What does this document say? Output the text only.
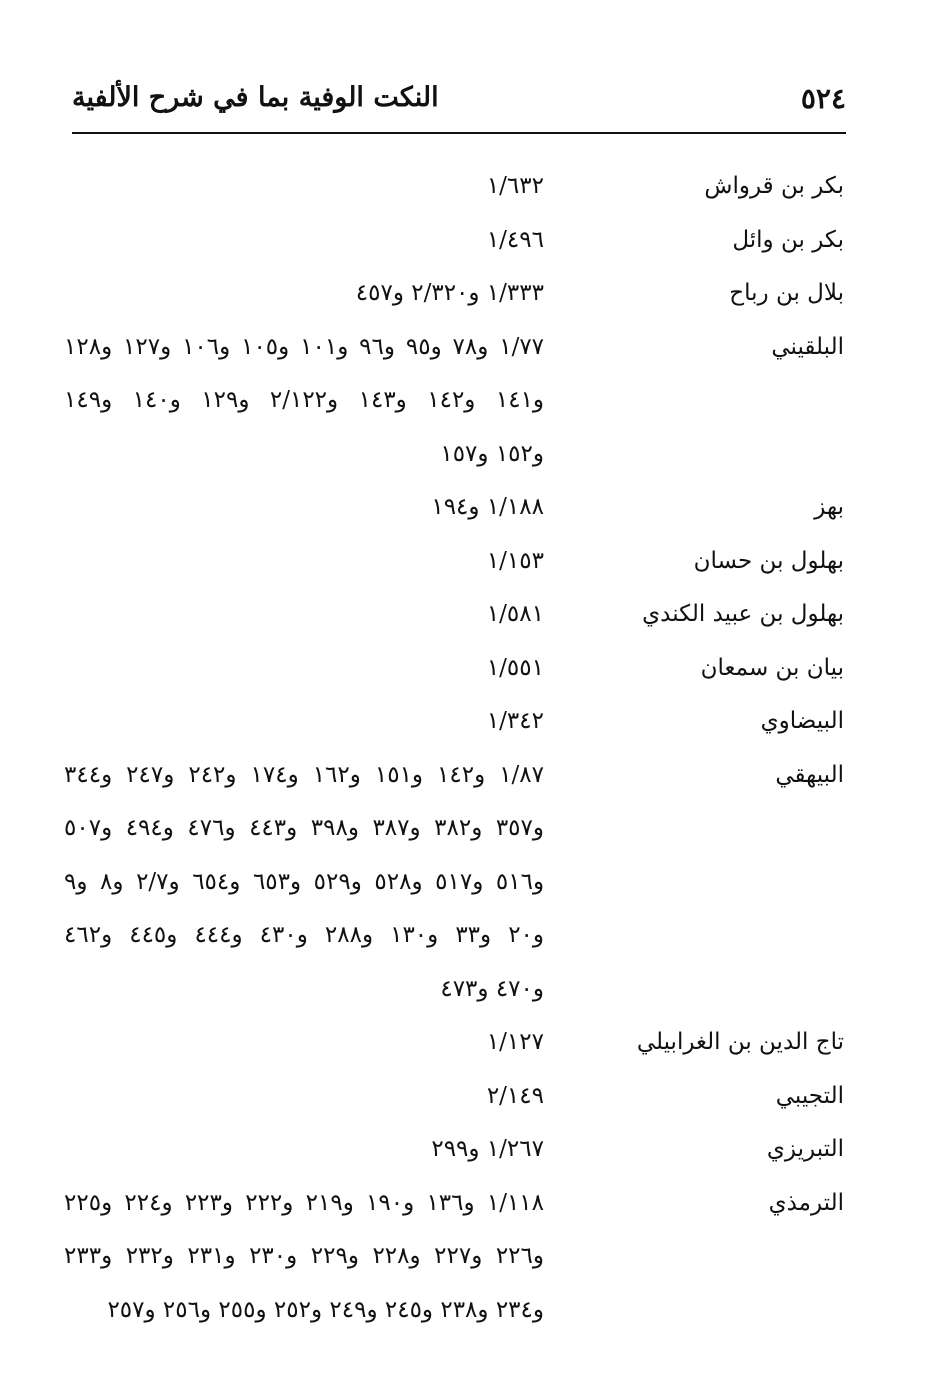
٥٢٤
النكت الوفية بما في شرح الألفية
بكر بن قرواش
١/٦٣٢
بكر بن وائل
١/٤٩٦
بلال بن رباح
١/٣٣٣ و٢/٣٢٠ و٤٥٧
البلقيني
١/٧٧ و٧٨ و٩٥ و٩٦ و١٠١ و١٠٥ و١٠٦ و١٢٧ و١٢٨
و١٤١ و١٤٢ و١٤٣ و٢/١٢٢ و١٢٩ و١٤٠ و١٤٩
و١٥٢ و١٥٧
بهز
١/١٨٨ و١٩٤
بهلول بن حسان
١/١٥٣
بهلول بن عبيد الكندي
١/٥٨١
بيان بن سمعان
١/٥٥١
البيضاوي
١/٣٤٢
البيهقي
١/٨٧ و١٤٢ و١٥١ و١٦٢ و١٧٤ و٢٤٢ و٢٤٧ و٣٤٤
و٣٥٧ و٣٨٢ و٣٨٧ و٣٩٨ و٤٤٣ و٤٧٦ و٤٩٤ و٥٠٧
و٥١٦ و٥١٧ و٥٢٨ و٥٢٩ و٦٥٣ و٦٥٤ و٢/٧ و٨ و٩
و٢٠ و٣٣ و١٣٠ و٢٨٨ و٤٣٠ و٤٤٤ و٤٤٥ و٤٦٢
و٤٧٠ و٤٧٣
تاج الدين بن الغرابيلي
١/١٢٧
التجيبي
٢/١٤٩
التبريزي
١/٢٦٧ و٢٩٩
الترمذي
١/١١٨ و١٣٦ و١٩٠ و٢١٩ و٢٢٢ و٢٢٣ و٢٢٤ و٢٢٥
و٢٢٦ و٢٢٧ و٢٢٨ و٢٢٩ و٢٣٠ و٢٣١ و٢٣٢ و٢٣٣
و٢٣٤ و٢٣٨ و٢٤٥ و٢٤٩ و٢٥٢ و٢٥٥ و٢٥٦ و٢٥٧
